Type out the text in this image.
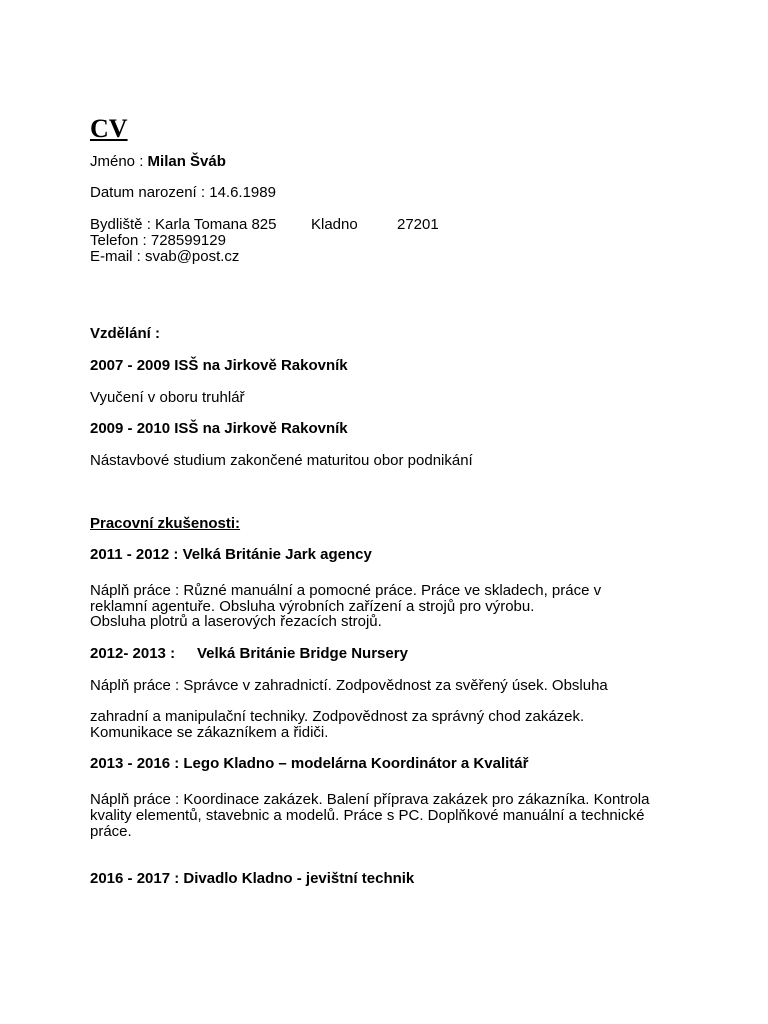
CV
Jméno : Milan Šváb
Datum narození : 14.6.1989
Bydliště : Karla Tomana 825 Kladno	27201
Telefon : 728599129
E-mail : svab@post.cz
Vzdělání :
2007 - 2009 ISŠ na Jirkově Rakovník
Vyučení v oboru truhlář
2009 - 2010 ISŠ na Jirkově Rakovník
Nástavbové studium zakončené maturitou obor podnikání
Pracovní zkušenosti:
2011 - 2012 : Velká Británie Jark agency
Náplň práce : Různé manuální a pomocné práce. Práce ve skladech, práce v
reklamní agentuře. Obsluha výrobních zařízení a strojů pro výrobu.
Obsluha plotrů a laserových řezacích strojů.
2012- 2013 : Velká Británie Bridge Nursery
Náplň práce : Správce v zahradnictí. Zodpovědnost za svěřený úsek. Obsluha
zahradní a manipulační techniky. Zodpovědnost za správný chod zakázek.
Komunikace se zákazníkem a řidiči.
2013 - 2016 : Lego Kladno – modelárna Koordinátor a Kvalitář
Náplň práce : Koordinace zakázek. Balení příprava zakázek pro zákazníka. Kontrola
kvality elementů, stavebnic a modelů. Práce s PC. Doplňkové manuální a technické
práce.
2016 - 2017 : Divadlo Kladno - jevištní technik
